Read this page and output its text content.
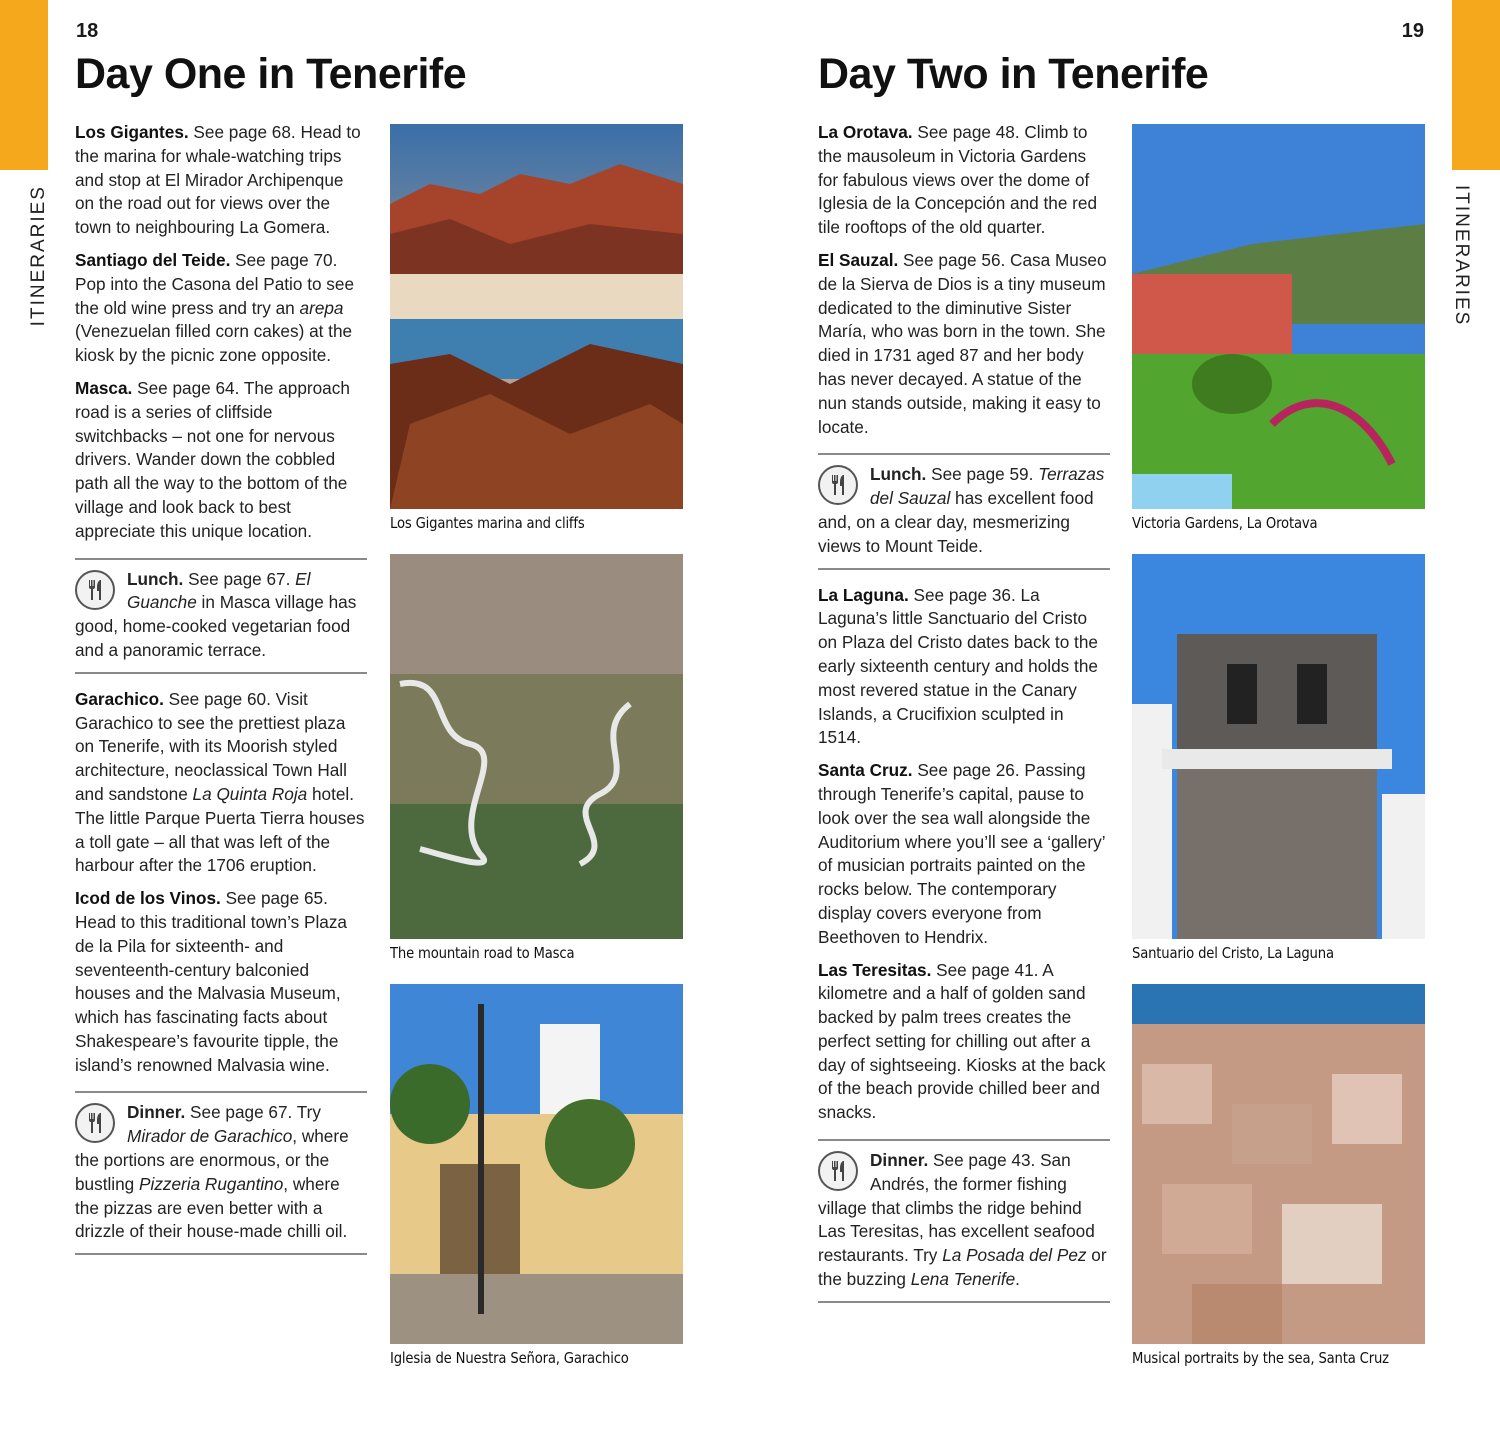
ITINERARIES	ITINERARIES
18	19
Day One in Tenerife	Day Two in Tenerife

Los Gigantes. See page 68. Head to the marina for whale-watching trips and stop at El Mirador Archipenque on the road out for views over the town to neighbouring La Gomera.

Santiago del Teide. See page 70. Pop into the Casona del Patio to see the old wine press and try an arepa (Venezuelan filled corn cakes) at the kiosk by the picnic zone opposite.

Masca. See page 64. The approach road is a series of cliffside switchbacks – not one for nervous drivers. Wander down the cobbled path all the way to the bottom of the village and look back to best appreciate this unique location.

Lunch. See page 67. El Guanche in Masca village has good, home-cooked vegetarian food and a panoramic terrace.

Garachico. See page 60. Visit Garachico to see the prettiest plaza on Tenerife, with its Moorish styled architecture, neoclassical Town Hall and sandstone La Quinta Roja hotel. The little Parque Puerta Tierra houses a toll gate – all that was left of the harbour after the 1706 eruption.

Icod de los Vinos. See page 65. Head to this traditional town’s Plaza de la Pila for sixteenth- and seventeenth-century balconied houses and the Malvasia Museum, which has fascinating facts about Shakespeare’s favourite tipple, the island’s renowned Malvasia wine.

Dinner. See page 67. Try Mirador de Garachico, where the portions are enormous, or the bustling Pizzeria Rugantino, where the pizzas are even better with a drizzle of their house-made chilli oil.
Los Gigantes marina and cliffs
The mountain road to Masca
Iglesia de Nuestra Señora, Garachico

La Orotava. See page 48. Climb to the mausoleum in Victoria Gardens for fabulous views over the dome of Iglesia de la Concepción and the red tile rooftops of the old quarter.

El Sauzal. See page 56. Casa Museo de la Sierva de Dios is a tiny museum dedicated to the diminutive Sister María, who was born in the town. She died in 1731 aged 87 and her body has never decayed. A statue of the nun stands outside, making it easy to locate.

Lunch. See page 59. Terrazas del Sauzal has excellent food and, on a clear day, mesmerizing views to Mount Teide.

La Laguna. See page 36. La Laguna’s little Sanctuario del Cristo on Plaza del Cristo dates back to the early sixteenth century and holds the most revered statue in the Canary Islands, a Crucifixion sculpted in 1514.

Santa Cruz. See page 26. Passing through Tenerife’s capital, pause to look over the sea wall alongside the Auditorium where you’ll see a ‘gallery’ of musician portraits painted on the rocks below. The contemporary display covers everyone from Beethoven to Hendrix.

Las Teresitas. See page 41. A kilometre and a half of golden sand backed by palm trees creates the perfect setting for chilling out after a day of sightseeing. Kiosks at the back of the beach provide chilled beer and snacks.

Dinner. See page 43. San Andrés, the former fishing village that climbs the ridge behind Las Teresitas, has excellent seafood restaurants. Try La Posada del Pez or the buzzing Lena Tenerife.
Victoria Gardens, La Orotava
Santuario del Cristo, La Laguna
Musical portraits by the sea, Santa Cruz
